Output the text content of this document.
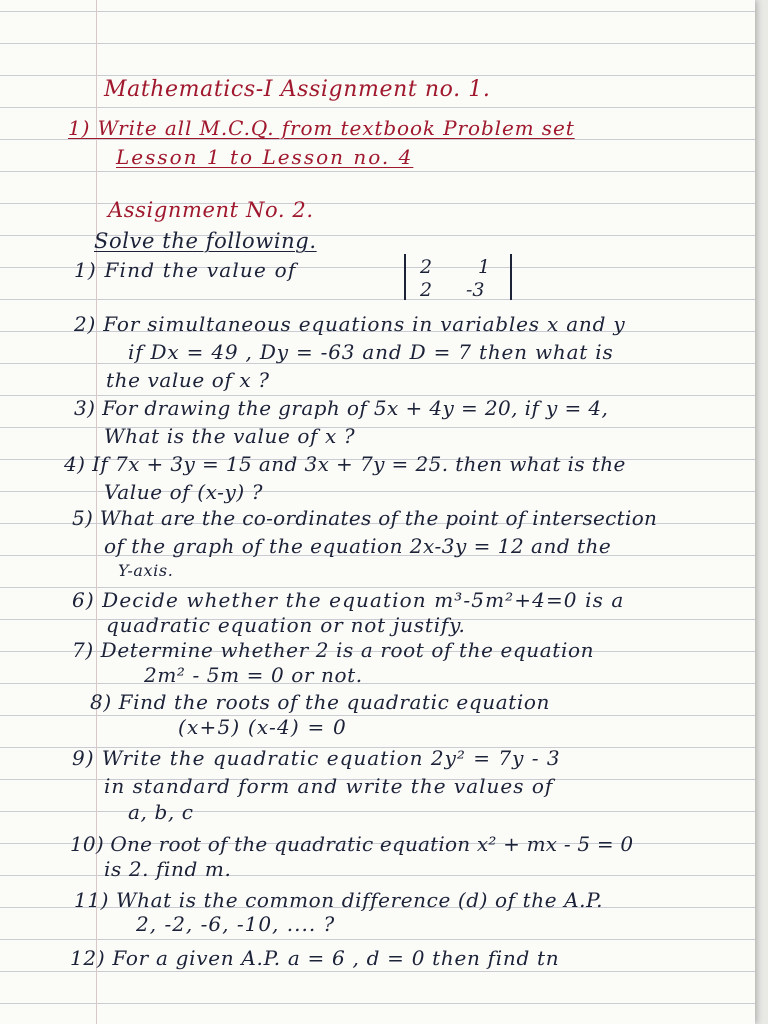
Mathematics-I Assignment no. 1.
1) Write all M.C.Q. from textbook Problem set
Lesson 1 to Lesson no. 4
Assignment No. 2.
Solve the following.
1) Find the value of	2 1
2 -3
2) For simultaneous equations in variables x and y
if Dx = 49 , Dy = -63 and D = 7 then what is
the value of x ?
3) For drawing the graph of 5x + 4y = 20, if y = 4,
What is the value of x ?
4) If 7x + 3y = 15 and 3x + 7y = 25. then what is the
Value of (x-y) ?
5) What are the co-ordinates of the point of intersection
of the graph of the equation 2x-3y = 12 and the
Y-axis.
6) Decide whether the equation m³-5m²+4=0 is a
quadratic equation or not justify.
7) Determine whether 2 is a root of the equation
2m² - 5m = 0 or not.
8) Find the roots of the quadratic equation
(x+5) (x-4) = 0
9) Write the quadratic equation 2y² = 7y - 3
in standard form and write the values of
a, b, c
10) One root of the quadratic equation x² + mx - 5 = 0
is 2. find m.
11) What is the common difference (d) of the A.P.
2, -2, -6, -10, .... ?
12) For a given A.P. a = 6 , d = 0 then find tn
